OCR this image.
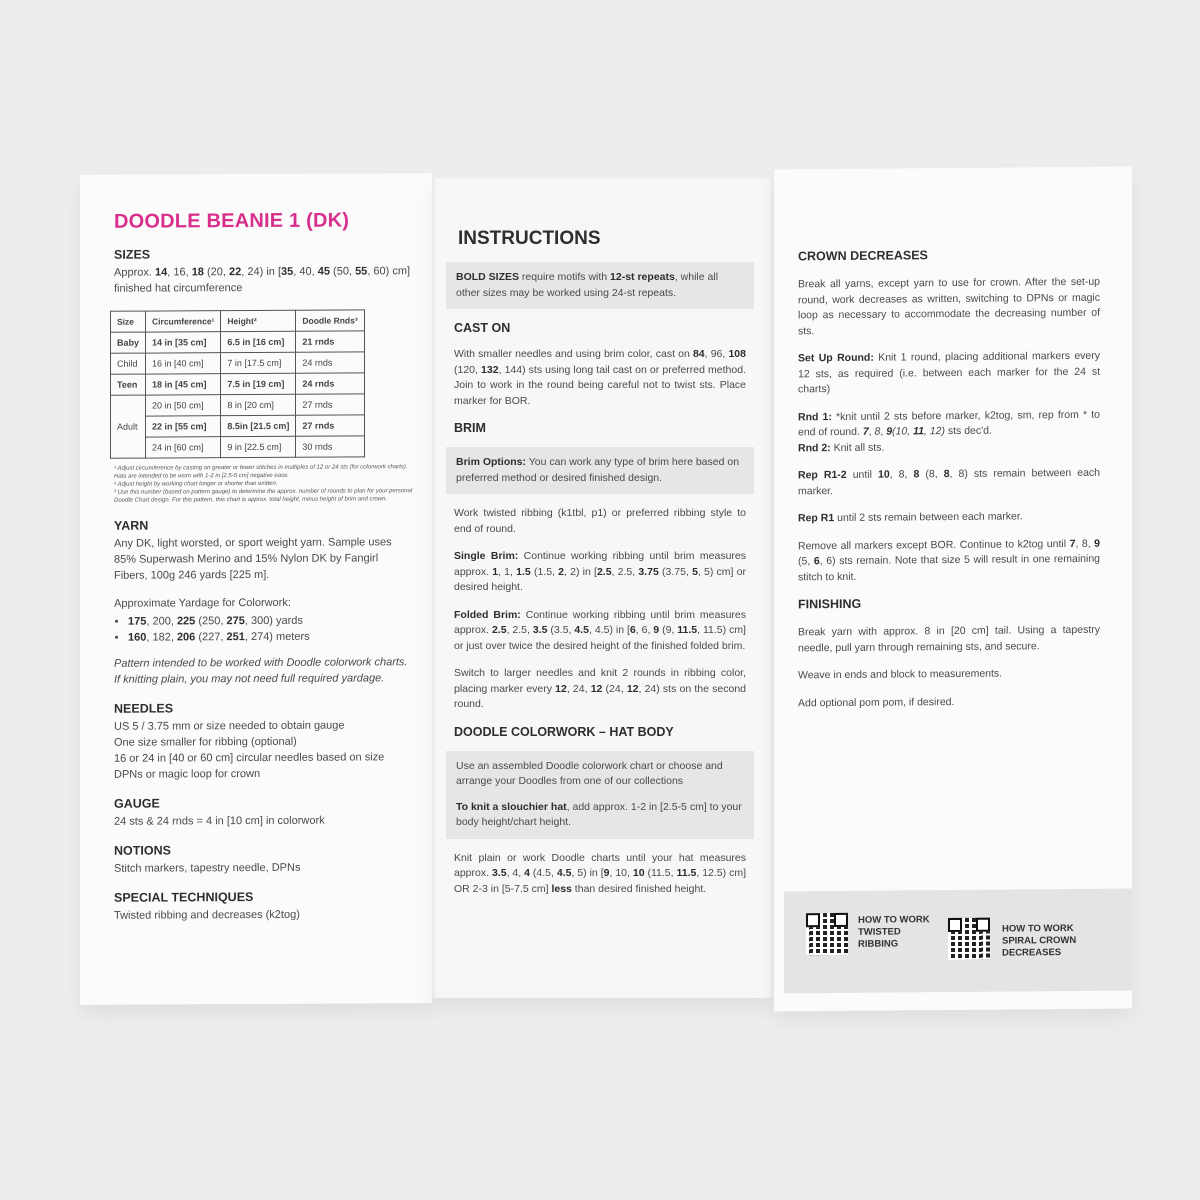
DOODLE BEANIE 1 (DK)
SIZES

Approx. 14, 16, 18 (20, 22, 24) in [35, 40, 45 (50, 55, 60) cm] finished hat circumference

Size	Circumference¹	Height²	Doodle Rnds³
Baby	14 in [35 cm]	6.5 in [16 cm]	21 rnds
Child	16 in [40 cm]	7 in [17.5 cm]	24 rnds
Teen	18 in [45 cm]	7.5 in [19 cm]	24 rnds
Adult	20 in [50 cm]	8 in [20 cm]	27 rnds
	22 in [55 cm]	8.5in [21.5 cm]	27 rnds
	24 in [60 cm]	9 in [22.5 cm]	30 rnds
¹ Adjust circumference by casting on greater or fewer stitches in multiples of 12 or 24 sts (for colorwork charts). Hats are intended to be worn with 1-2 in [2.5-5 cm] negative ease.
² Adjust height by working chart longer or shorter than written.
³ Use this number (based on pattern gauge) to determine the approx. number of rounds to plan for your personal Doodle Chart design. For this pattern, this chart is approx. total height, minus height of brim and crown.
YARN

Any DK, light worsted, or sport weight yarn. Sample uses 85% Superwash Merino and 15% Nylon DK by Fangirl Fibers, 100g 246 yards [225 m].

Approximate Yardage for Colorwork:

• 175, 200, 225 (250, 275, 300) yards
• 160, 182, 206 (227, 251, 274) meters

Pattern intended to be worked with Doodle colorwork charts. If knitting plain, you may not need full required yardage.

NEEDLES

US 5 / 3.75 mm or size needed to obtain gauge

One size smaller for ribbing (optional)

16 or 24 in [40 or 60 cm] circular needles based on size

DPNs or magic loop for crown

GAUGE

24 sts & 24 rnds = 4 in [10 cm] in colorwork

NOTIONS

Stitch markers, tapestry needle, DPNs

SPECIAL TECHNIQUES

Twisted ribbing and decreases (k2tog)

INSTRUCTIONS

BOLD SIZES require motifs with 12-st repeats, while all other sizes may be worked using 24-st repeats.

CAST ON

With smaller needles and using brim color, cast on 84, 96, 108 (120, 132, 144) sts using long tail cast on or preferred method. Join to work in the round being careful not to twist sts. Place marker for BOR.

BRIM

Brim Options: You can work any type of brim here based on preferred method or desired finished design.

Work twisted ribbing (k1tbl, p1) or preferred ribbing style to end of round.

Single Brim: Continue working ribbing until brim measures approx. 1, 1, 1.5 (1.5, 2, 2) in [2.5, 2.5, 3.75 (3.75, 5, 5) cm] or desired height.

Folded Brim: Continue working ribbing until brim measures approx. 2.5, 2.5, 3.5 (3.5, 4.5, 4.5) in [6, 6, 9 (9, 11.5, 11.5) cm] or just over twice the desired height of the finished folded brim.

Switch to larger needles and knit 2 rounds in ribbing color, placing marker every 12, 24, 12 (24, 12, 24) sts on the second round.

DOODLE COLORWORK – HAT BODY

Use an assembled Doodle colorwork chart or choose and arrange your Doodles from one of our collections

To knit a slouchier hat, add approx. 1-2 in [2.5-5 cm] to your body height/chart height.

Knit plain or work Doodle charts until your hat measures approx. 3.5, 4, 4 (4.5, 4.5, 5) in [9, 10, 10 (11.5, 11.5, 12.5) cm] OR 2-3 in [5-7.5 cm] less than desired finished height.

CROWN DECREASES

Break all yarns, except yarn to use for crown. After the set-up round, work decreases as written, switching to DPNs or magic loop as necessary to accommodate the decreasing number of sts.

Set Up Round: Knit 1 round, placing additional markers every 12 sts, as required (i.e. between each marker for the 24 st charts)

Rnd 1: *knit until 2 sts before marker, k2tog, sm, rep from * to end of round. 7, 8, 9(10, 11, 12) sts dec'd.

Rnd 2: Knit all sts.

Rep R1-2 until 10, 8, 8 (8, 8, 8) sts remain between each marker.

Rep R1 until 2 sts remain between each marker.

Remove all markers except BOR. Continue to k2tog until 7, 8, 9 (5, 6, 6) sts remain. Note that size 5 will result in one remaining stitch to knit.

FINISHING

Break yarn with approx. 8 in [20 cm] tail. Using a tapestry needle, pull yarn through remaining sts, and secure.

Weave in ends and block to measurements.

Add optional pom pom, if desired.

HOW TO WORK TWISTED RIBBING
HOW TO WORK SPIRAL CROWN DECREASES
